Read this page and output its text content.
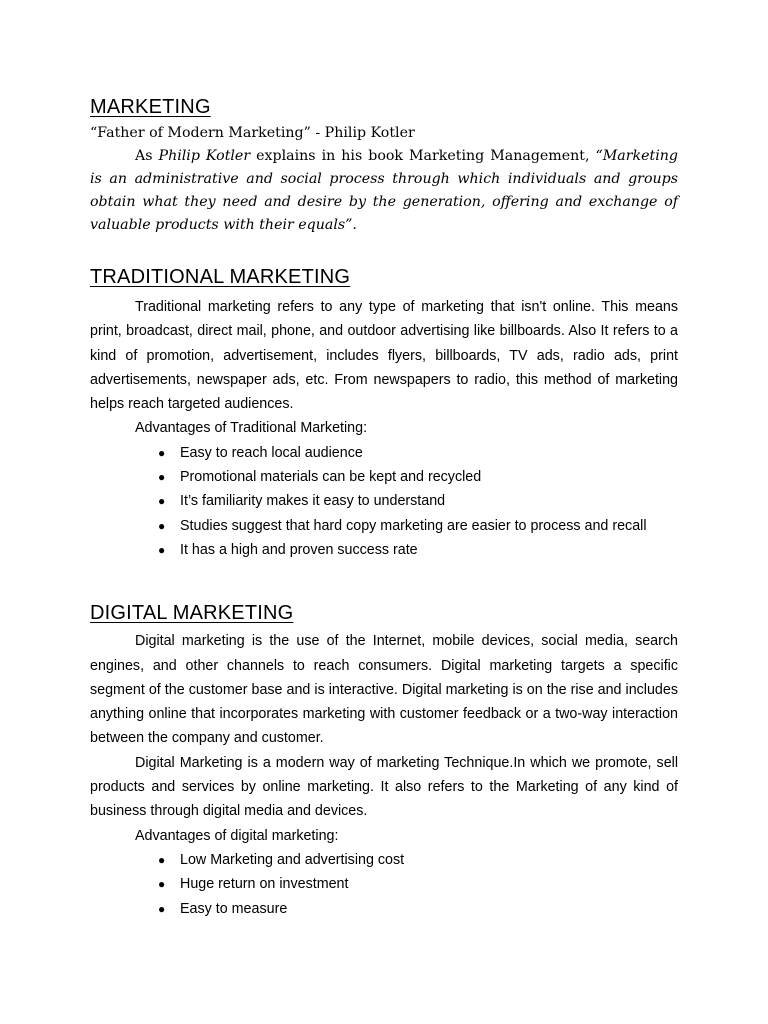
MARKETING

“Father of Modern Marketing” - Philip Kotler

As Philip Kotler explains in his book Marketing Management, “Marketing is an administrative and social process through which individuals and groups obtain what they need and desire by the generation, offering and exchange of valuable products with their equals”.

TRADITIONAL MARKETING

Traditional marketing refers to any type of marketing that isn't online. This means print, broadcast, direct mail, phone, and outdoor advertising like billboards. Also It refers to a kind of promotion, advertisement, includes flyers, billboards, TV ads, radio ads, print advertisements, newspaper ads, etc. From newspapers to radio, this method of marketing helps reach targeted audiences.

Advantages of Traditional Marketing:

● Easy to reach local audience
● Promotional materials can be kept and recycled
● It’s familiarity makes it easy to understand
● Studies suggest that hard copy marketing are easier to process and recall
● It has a high and proven success rate
DIGITAL MARKETING

Digital marketing is the use of the Internet, mobile devices, social media, search engines, and other channels to reach consumers. Digital marketing targets a specific segment of the customer base and is interactive. Digital marketing is on the rise and includes anything online that incorporates marketing with customer feedback or a two-way interaction between the company and customer.

Digital Marketing is a modern way of marketing Technique.In which we promote, sell products and services by online marketing. It also refers to the Marketing of any kind of business through digital media and devices.

Advantages of digital marketing:

● Low Marketing and advertising cost
● Huge return on investment
● Easy to measure
